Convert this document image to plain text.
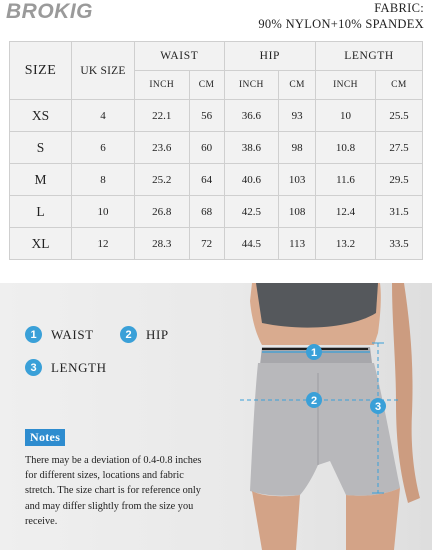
BROKIG	FABRIC:
90% NYLON+10% SPANDEX
SIZE	UK SIZE	WAIST		HIP		LENGTH	
		INCH	CM	INCH	CM	INCH	CM
XS	4	22.1	56	36.6	93	10	25.5
S	6	23.6	60	38.6	98	10.8	27.5
M	8	25.2	64	40.6	103	11.6	29.5
L	10	26.8	68	42.5	108	12.4	31.5
XL	12	28.3	72	44.5	113	13.2	33.5
1
2	3
1	WAIST	2	HIP
3	LENGTH
Notes
There may be a deviation of 0.4-0.8 inches for different sizes, locations and fabric stretch. The size chart is for reference only and may differ slightly from the size you receive.
